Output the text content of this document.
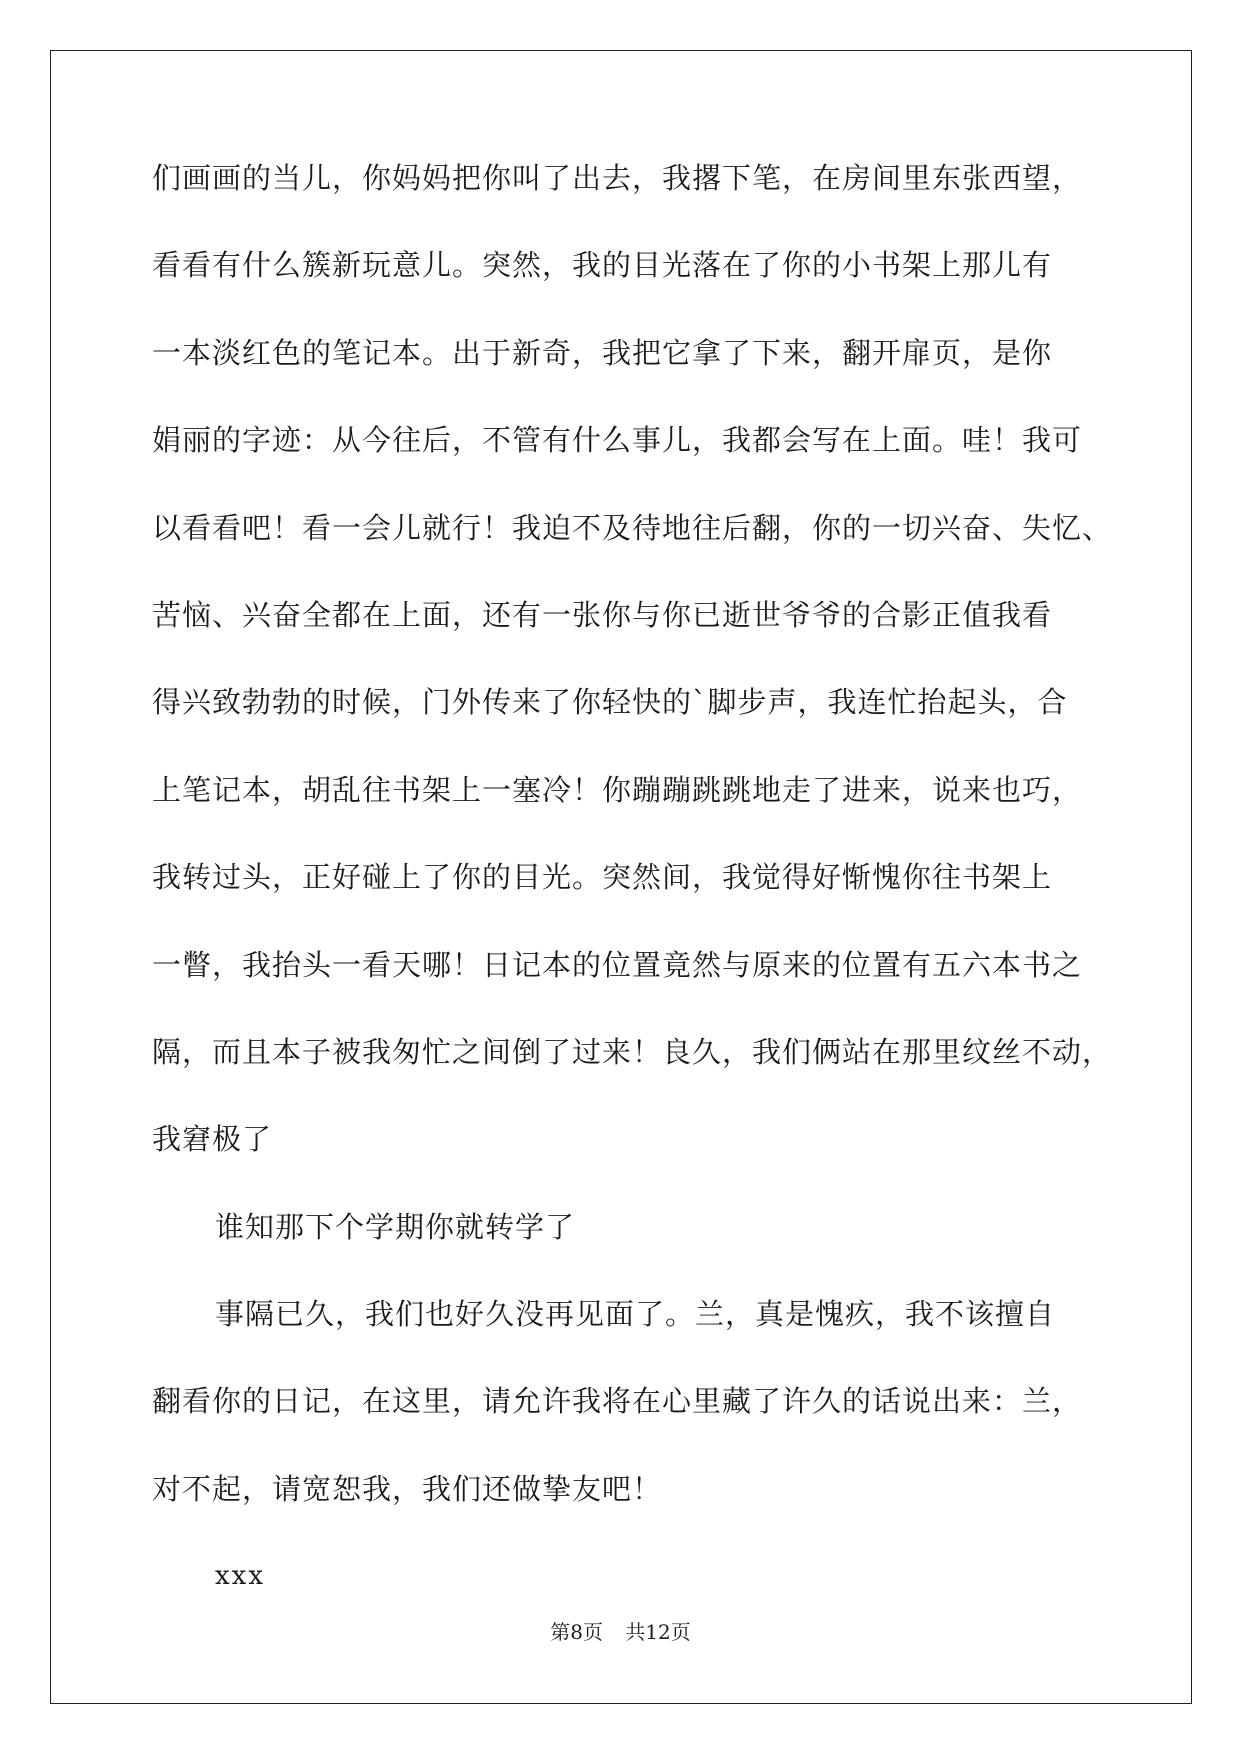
们画画的当儿，你妈妈把你叫了出去，我撂下笔，在房间里东张西望，
看看有什么簇新玩意儿。突然，我的目光落在了你的小书架上那儿有
一本淡红色的笔记本。出于新奇，我把它拿了下来，翻开扉页，是你
娟丽的字迹：从今往后，不管有什么事儿，我都会写在上面。哇！我可
以看看吧！看一会儿就行！我迫不及待地往后翻，你的一切兴奋、失忆、
苦恼、兴奋全都在上面，还有一张你与你已逝世爷爷的合影正值我看
得兴致勃勃的时候，门外传来了你轻快的`脚步声，我连忙抬起头，合
上笔记本，胡乱往书架上一塞冷！你蹦蹦跳跳地走了进来，说来也巧，
我转过头，正好碰上了你的目光。突然间，我觉得好惭愧你往书架上
一瞥，我抬头一看天哪！日记本的位置竟然与原来的位置有五六本书之
隔，而且本子被我匆忙之间倒了过来！良久，我们俩站在那里纹丝不动，
我窘极了
谁知那下个学期你就转学了
事隔已久，我们也好久没再见面了。兰，真是愧疚，我不该擅自
翻看你的日记，在这里，请允许我将在心里藏了许久的话说出来：兰，
对不起，请宽恕我，我们还做挚友吧！
xxx
第8页 共12页
